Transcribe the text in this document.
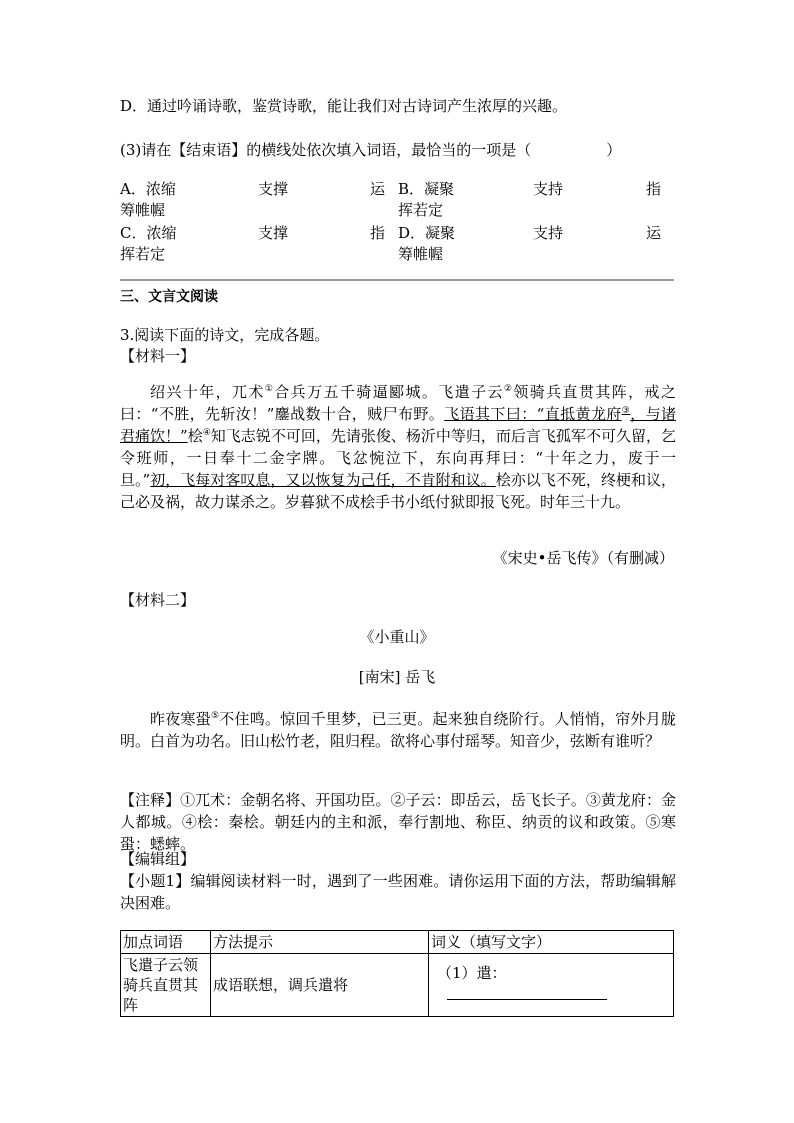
D．通过吟诵诗歌，鉴赏诗歌，能让我们对古诗词产生浓厚的兴趣。
(3)请在【结束语】的横线处依次填入词语，最恰当的一项是（　　　　　）
A．浓缩	支撑	运
筹帷幄
B．凝聚	支持	指
挥若定
C．浓缩	支撑	指
挥若定
D．凝聚	支持	运
筹帷幄
三、文言文阅读
3.阅读下面的诗文，完成各题。
【材料一】
绍兴十年，兀术①合兵万五千骑逼郾城。飞遣子云②领骑兵直贯其阵，戒之曰：“不胜，先斩汝！”鏖战数十合，贼尸布野。飞语其下曰：“直抵黄龙府③，与诸君痛饮！”桧④知飞志锐不可回，先请张俊、杨沂中等归，而后言飞孤军不可久留，乞令班师，一日奉十二金字牌。飞忿惋泣下，东向再拜曰：“十年之力，废于一旦。”初，飞每对客叹息，又以恢复为己任，不肯附和议。桧亦以飞不死，终梗和议，己必及祸，故力谋杀之。岁暮狱不成桧手书小纸付狱即报飞死。时年三十九。
《宋史•岳飞传》（有删减）
【材料二】
《小重山》
[南宋] 岳飞
昨夜寒蛩⑤不住鸣。惊回千里梦，已三更。起来独自绕阶行。人悄悄，帘外月胧明。白首为功名。旧山松竹老，阻归程。欲将心事付瑶琴。知音少，弦断有谁听？
【注释】①兀术：金朝名将、开国功臣。②子云：即岳云，岳飞长子。③黄龙府：金人都城。④桧：秦桧。朝廷内的主和派，奉行割地、称臣、纳贡的议和政策。⑤寒蛩：蟋蟀。
【编辑组】
【小题1】编辑阅读材料一时，遇到了一些困难。请你运用下面的方法，帮助编辑解决困难。
加点词语	方法提示	词义（填写文字）
飞遣子云领骑兵直贯其阵	成语联想，调兵遣将	（1）遣：
